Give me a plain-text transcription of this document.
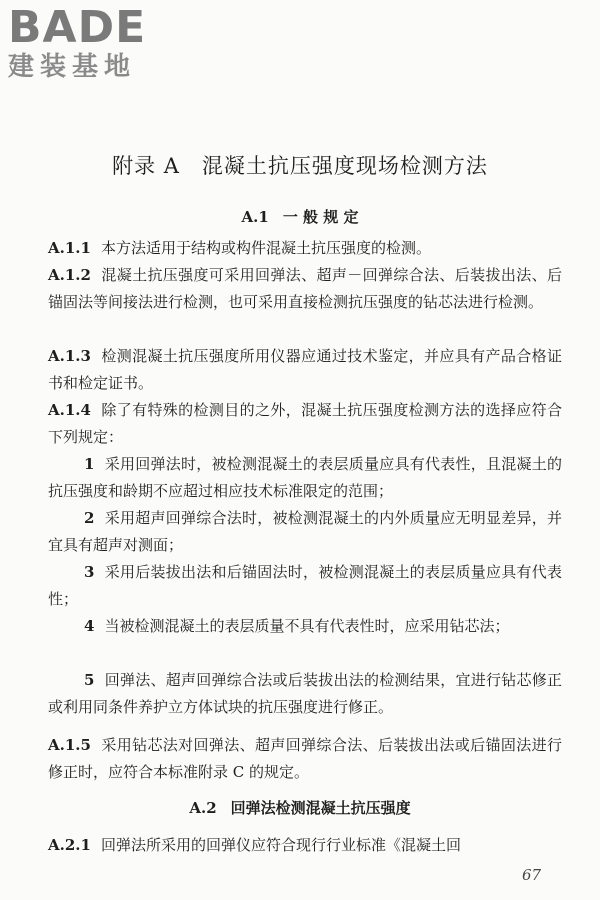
BADE
建装基地
附录 A　混凝土抗压强度现场检测方法
A.1 一 般 规 定

A.1.1 本方法适用于结构或构件混凝土抗压强度的检测。

A.1.2 混凝土抗压强度可采用回弹法、超声－回弹综合法、后装拔出法、后锚固法等间接法进行检测，也可采用直接检测抗压强度的钻芯法进行检测。

A.1.3 检测混凝土抗压强度所用仪器应通过技术鉴定，并应具有产品合格证书和检定证书。

A.1.4 除了有特殊的检测目的之外，混凝土抗压强度检测方法的选择应符合下列规定：

1 采用回弹法时，被检测混凝土的表层质量应具有代表性，且混凝土的抗压强度和龄期不应超过相应技术标准限定的范围；

2 采用超声回弹综合法时，被检测混凝土的内外质量应无明显差异，并宜具有超声对测面；

3 采用后装拔出法和后锚固法时，被检测混凝土的表层质量应具有代表性；

4 当被检测混凝土的表层质量不具有代表性时，应采用钻芯法；

5 回弹法、超声回弹综合法或后装拔出法的检测结果，宜进行钻芯修正或利用同条件养护立方体试块的抗压强度进行修正。

A.1.5 采用钻芯法对回弹法、超声回弹综合法、后装拔出法或后锚固法进行修正时，应符合本标准附录 C 的规定。

A.2 回弹法检测混凝土抗压强度

A.2.1 回弹法所采用的回弹仪应符合现行行业标准《混凝土回

67
